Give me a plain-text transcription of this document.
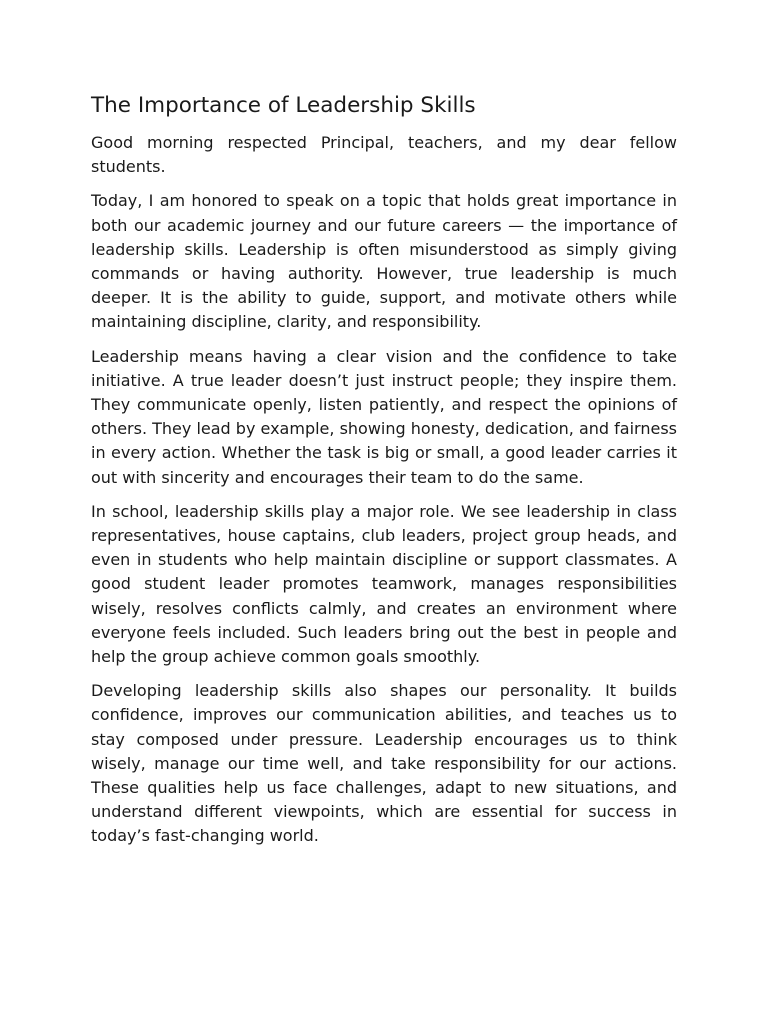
The Importance of Leadership Skills

Good morning respected Principal, teachers, and my dear fellow students.

Today, I am honored to speak on a topic that holds great importance in both our academic journey and our future careers — the importance of leadership skills. Leadership is often misunderstood as simply giving commands or having authority. However, true leadership is much deeper. It is the ability to guide, support, and motivate others while maintaining discipline, clarity, and responsibility.

Leadership means having a clear vision and the confidence to take initiative. A true leader doesn’t just instruct people; they inspire them. They communicate openly, listen patiently, and respect the opinions of others. They lead by example, showing honesty, dedication, and fairness in every action. Whether the task is big or small, a good leader carries it out with sincerity and encourages their team to do the same.

In school, leadership skills play a major role. We see leadership in class representatives, house captains, club leaders, project group heads, and even in students who help maintain discipline or support classmates. A good student leader promotes teamwork, manages responsibilities wisely, resolves conflicts calmly, and creates an environment where everyone feels included. Such leaders bring out the best in people and help the group achieve common goals smoothly.

Developing leadership skills also shapes our personality. It builds confidence, improves our communication abilities, and teaches us to stay composed under pressure. Leadership encourages us to think wisely, manage our time well, and take responsibility for our actions. These qualities help us face challenges, adapt to new situations, and understand different viewpoints, which are essential for success in today’s fast-changing world.
